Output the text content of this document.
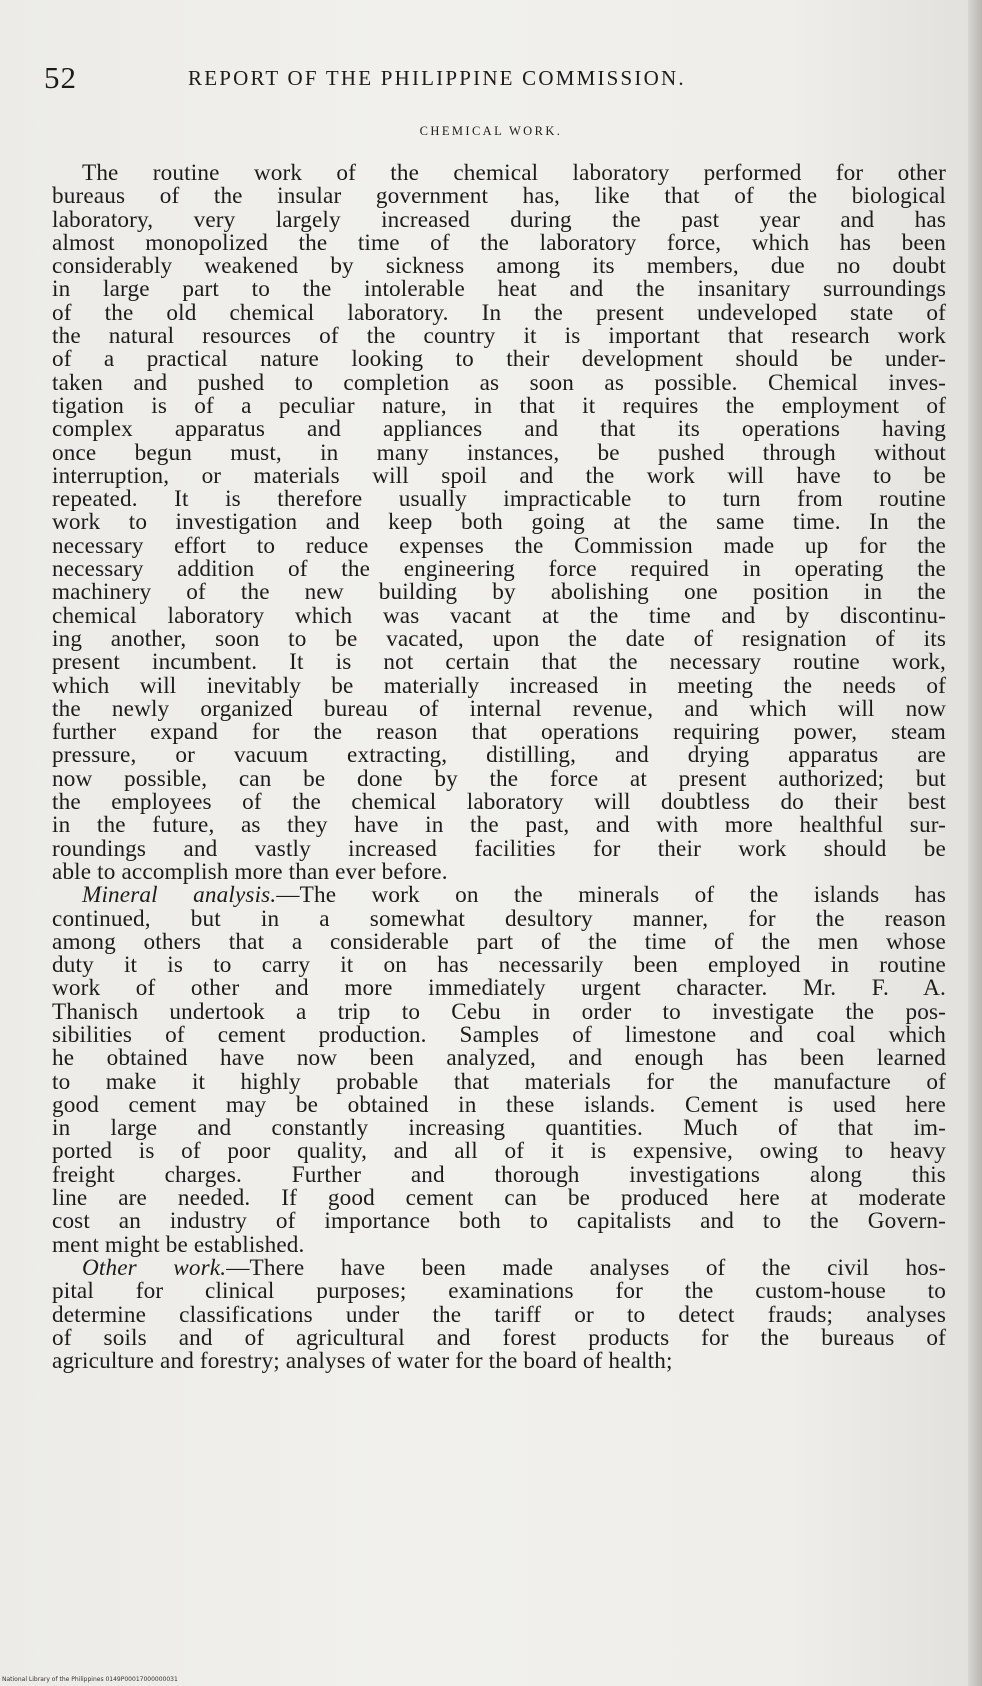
52	REPORT OF THE PHILIPPINE COMMISSION.
CHEMICAL WORK.

The routine work of the chemical laboratory performed for other
bureaus of the insular government has, like that of the biological
laboratory, very largely increased during the past year and has
almost monopolized the time of the laboratory force, which has been
considerably weakened by sickness among its members, due no doubt
in large part to the intolerable heat and the insanitary surroundings
of the old chemical laboratory. In the present undeveloped state of
the natural resources of the country it is important that research work
of a practical nature looking to their development should be under-
taken and pushed to completion as soon as possible. Chemical inves-
tigation is of a peculiar nature, in that it requires the employment of
complex apparatus and appliances and that its operations having
once begun must, in many instances, be pushed through without
interruption, or materials will spoil and the work will have to be
repeated. It is therefore usually impracticable to turn from routine
work to investigation and keep both going at the same time. In the
necessary effort to reduce expenses the Commission made up for the
necessary addition of the engineering force required in operating the
machinery of the new building by abolishing one position in the
chemical laboratory which was vacant at the time and by discontinu-
ing another, soon to be vacated, upon the date of resignation of its
present incumbent. It is not certain that the necessary routine work,
which will inevitably be materially increased in meeting the needs of
the newly organized bureau of internal revenue, and which will now
further expand for the reason that operations requiring power, steam
pressure, or vacuum extracting, distilling, and drying apparatus are
now possible, can be done by the force at present authorized; but
the employees of the chemical laboratory will doubtless do their best
in the future, as they have in the past, and with more healthful sur-
roundings and vastly increased facilities for their work should be
able to accomplish more than ever before.

Mineral analysis.—The work on the minerals of the islands has
continued, but in a somewhat desultory manner, for the reason
among others that a considerable part of the time of the men whose
duty it is to carry it on has necessarily been employed in routine
work of other and more immediately urgent character. Mr. F. A.
Thanisch undertook a trip to Cebu in order to investigate the pos-
sibilities of cement production. Samples of limestone and coal which
he obtained have now been analyzed, and enough has been learned
to make it highly probable that materials for the manufacture of
good cement may be obtained in these islands. Cement is used here
in large and constantly increasing quantities. Much of that im-
ported is of poor quality, and all of it is expensive, owing to heavy
freight charges. Further and thorough investigations along this
line are needed. If good cement can be produced here at moderate
cost an industry of importance both to capitalists and to the Govern-
ment might be established.

Other work.—There have been made analyses of the civil hos-
pital for clinical purposes; examinations for the custom-house to
determine classifications under the tariff or to detect frauds; analyses
of soils and of agricultural and forest products for the bureaus of
agriculture and forestry; analyses of water for the board of health;

National Library of the Philippines 0149P00017000000031
